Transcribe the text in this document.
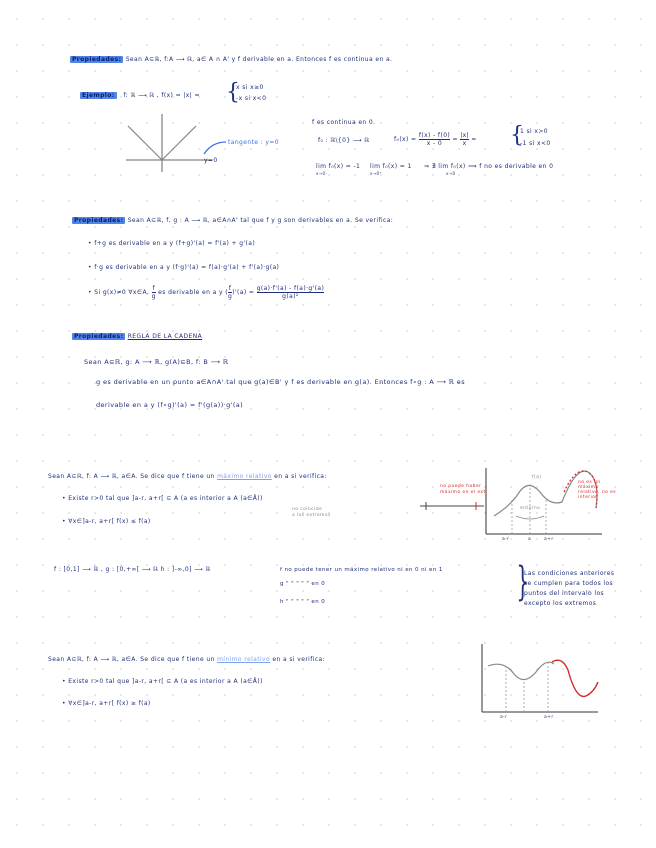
Propiedades: Sean A⊆ℝ, f:A ⟶ ℝ, a∈ A ∩ A' y f derivable en a. Entonces f es continua en a.
Ejemplo: f: ℝ ⟶ ℝ , f(x) = |x| = {
x si x≥0
-x si x<0
tangente : y=0
y=0
f es continua en 0.
f₀ : ℝ\{0} ⟶ ℝ	$f_0(x) = \frac{f(x) - f(0)}{x - 0} = \frac{|x|}{x}$ = {
1 si x>0
-1 si x<0
lim f₀(x) = -1
x→0⁻
lim f₀(x) = 1
x→0⁺
⇒ ∄ lim f₀(x) ⟹ f no es derivable en 0
x→0
Propiedades: Sean A⊆ℝ, f, g : A ⟶ ℝ, a∈A∩A' tal que f y g son derivables en a. Se verifica:
• f+g es derivable en a y (f+g)'(a) = f'(a) + g'(a)
• f·g es derivable en a y (f·g)'(a) = f(a)·g'(a) + f'(a)·g(a)
• Si g(x)≠0 ∀x∈A, $\frac{f}{g}$ es derivable en a y ( $\frac{f}{g} )'(a) = \frac{g(a)\cdot f'(a) - f(a)\cdot g'(a)}{\text{g(a)²}}$
Propiedades: REGLA DE LA CADENA
Sean A⊆ℝ, g: A ⟶ ℝ, g(A)⊆B, f: B ⟶ ℝ
g es derivable en un punto a∈A∩A' tal que g(a)∈B' y f es derivable en g(a). Entonces f∘g : A ⟶ ℝ es
derivable en a y (f∘g)'(a) = f'(g(a))·g'(a)
Sean A⊆ℝ, f: A ⟶ ℝ, a∈A. Se dice que f tiene un máximo relativo en a si verifica:
• Existe r>0 tal que ]a-r, a+r[ ⊆ A (a es interior a A (a∈Å))
• ∀x∈]a-r, a+r[ f(x) ≤ f(a)
no coincide
a los extremos
no puede haber
máximo en el ext.
f(a)
entorno
no es un máximo relativo, no es interior
a-r	a	a+r
f : [0,1] ⟶ ℝ , g : [0,+∞[ ⟶ ℝ h : ]-∞,0] ⟶ ℝ	f no puede tener un máximo relativo ni en 0 ni en 1
g " " " " " en 0
h " " " " " en 0	{
Las condiciones anteriores
se cumplen para todos los
puntos del intervalo los
excepto los extremos
Sean A⊆ℝ, f: A ⟶ ℝ, a∈A. Se dice que f tiene un mínimo relativo en a si verifica:
• Existe r>0 tal que ]a-r, a+r[ ⊆ A (a es interior a A (a∈Å))
• ∀x∈]a-r, a+r[ f(x) ≥ f(a)
a-r	a+r
